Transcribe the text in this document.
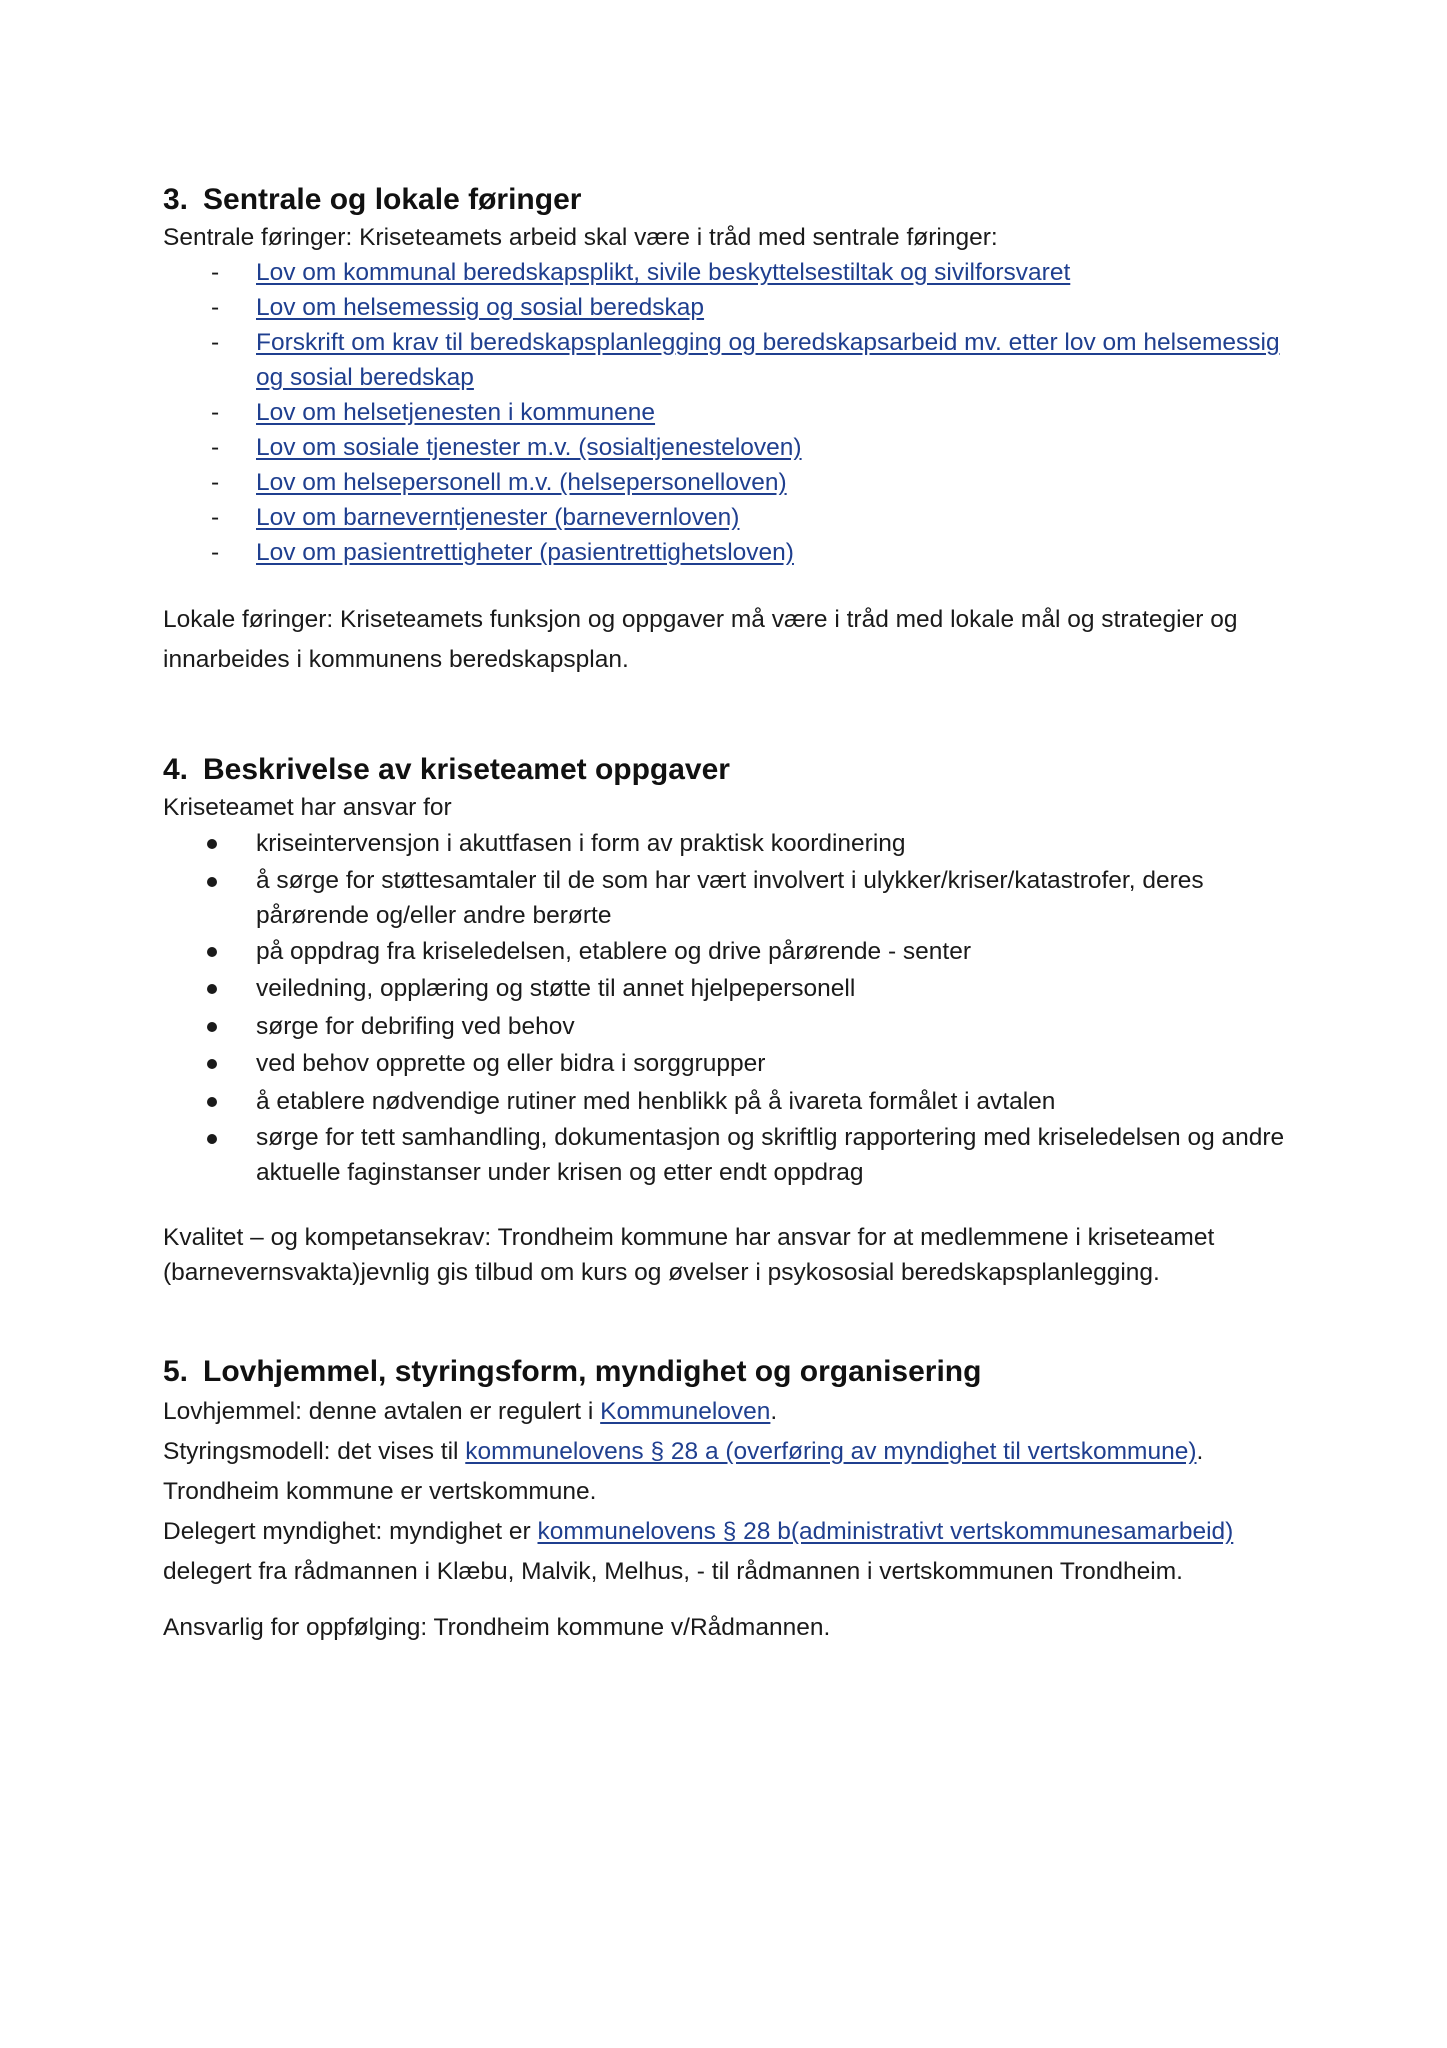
3. Sentrale og lokale føringer

Sentrale føringer: Kriseteamets arbeid skal være i tråd med sentrale føringer:

- Lov om kommunal beredskapsplikt, sivile beskyttelsestiltak og sivilforsvaret
- Lov om helsemessig og sosial beredskap
- Forskrift om krav til beredskapsplanlegging og beredskapsarbeid mv. etter lov om helsemessig og sosial beredskap
- Lov om helsetjenesten i kommunene
- Lov om sosiale tjenester m.v. (sosialtjenesteloven)
- Lov om helsepersonell m.v. (helsepersonelloven)
- Lov om barneverntjenester (barnevernloven)
- Lov om pasientrettigheter (pasientrettighetsloven)

Lokale føringer: Kriseteamets funksjon og oppgaver må være i tråd med lokale mål og strategier og innarbeides i kommunens beredskapsplan.

4. Beskrivelse av kriseteamet oppgaver

Kriseteamet har ansvar for

kriseintervensjon i akuttfasen i form av praktisk koordinering
å sørge for støttesamtaler til de som har vært involvert i ulykker/kriser/katastrofer, deres pårørende og/eller andre berørte
på oppdrag fra kriseledelsen, etablere og drive pårørende - senter
veiledning, opplæring og støtte til annet hjelpepersonell
sørge for debrifing ved behov
ved behov opprette og eller bidra i sorggrupper
å etablere nødvendige rutiner med henblikk på å ivareta formålet i avtalen
sørge for tett samhandling, dokumentasjon og skriftlig rapportering med kriseledelsen og andre aktuelle faginstanser under krisen og etter endt oppdrag

Kvalitet – og kompetansekrav: Trondheim kommune har ansvar for at medlemmene i kriseteamet (barnevernsvakta)jevnlig gis tilbud om kurs og øvelser i psykososial beredskapsplanlegging.

5. Lovhjemmel, styringsform, myndighet og organisering

Lovhjemmel: denne avtalen er regulert i Kommuneloven.

Styringsmodell: det vises til kommunelovens § 28 a (overføring av myndighet til vertskommune). Trondheim kommune er vertskommune.

Delegert myndighet: myndighet er kommunelovens § 28 b(administrativt vertskommunesamarbeid) delegert fra rådmannen i Klæbu, Malvik, Melhus, - til rådmannen i vertskommunen Trondheim.

Ansvarlig for oppfølging: Trondheim kommune v/Rådmannen.
